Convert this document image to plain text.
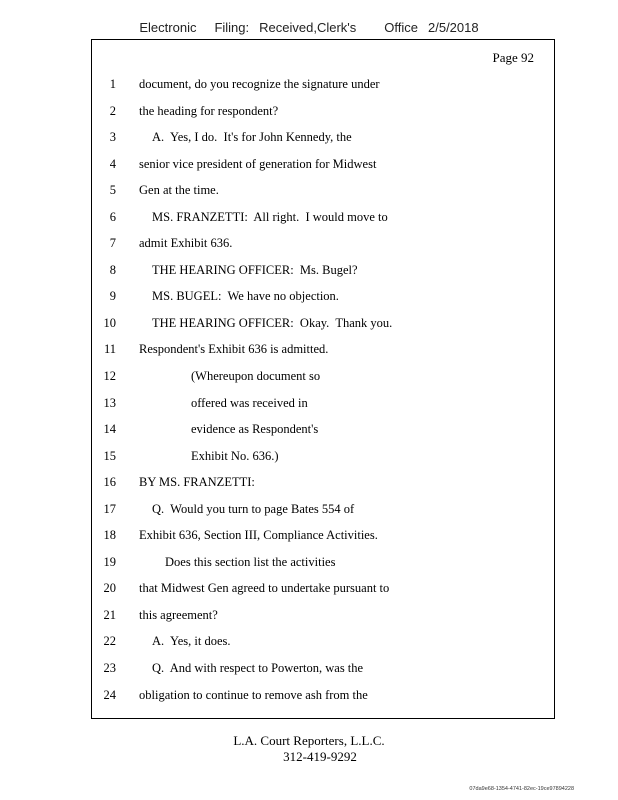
Electronic Filing: Received,Clerk's Office 2/5/2018
Page 92
1 document, do you recognize the signature under
2 the heading for respondent?
3	A.  Yes, I do.  It's for John Kennedy, the
4 senior vice president of generation for Midwest
5 Gen at the time.
6	MS. FRANZETTI:  All right.  I would move to
7 admit Exhibit 636.
8	THE HEARING OFFICER:  Ms. Bugel?
9	MS. BUGEL:  We have no objection.
10	THE HEARING OFFICER:  Okay.  Thank you.
11 Respondent's Exhibit 636 is admitted.
12	(Whereupon document so
13	offered was received in
14	evidence as Respondent's
15	Exhibit No. 636.)
16 BY MS. FRANZETTI:
17	Q.  Would you turn to page Bates 554 of
18 Exhibit 636, Section III, Compliance Activities.
19	Does this section list the activities
20 that Midwest Gen agreed to undertake pursuant to
21 this agreement?
22	A.  Yes, it does.
23	Q.  And with respect to Powerton, was the
24 obligation to continue to remove ash from the
L.A. Court Reporters, L.L.C.
312-419-9292
07da9e68-1354-4741-82ec-19ce97894228
